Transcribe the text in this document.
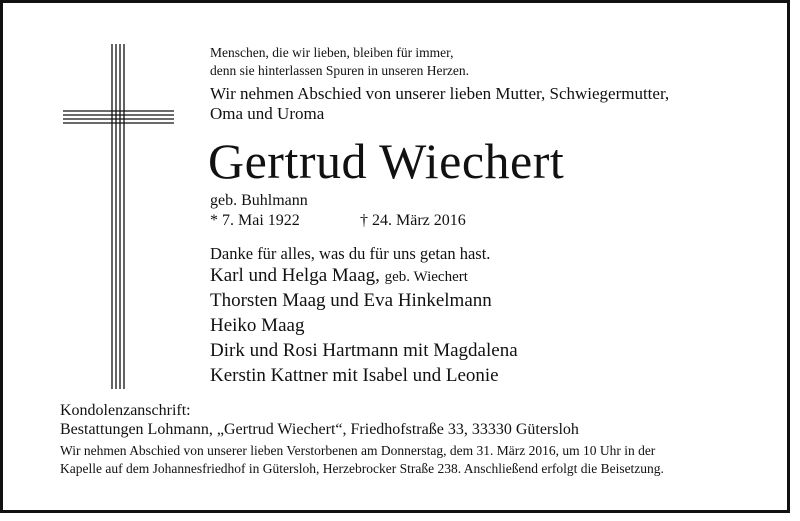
Menschen, die wir lieben, bleiben für immer,
denn sie hinterlassen Spuren in unseren Herzen.
Wir nehmen Abschied von unserer lieben Mutter, Schwiegermutter,
Oma und Uroma
Gertrud Wiechert
geb. Buhlmann
* 7. Mai 1922	† 24. März 2016
Danke für alles, was du für uns getan hast.
Karl und Helga Maag, geb. Wiechert
Thorsten Maag und Eva Hinkelmann
Heiko Maag
Dirk und Rosi Hartmann mit Magdalena
Kerstin Kattner mit Isabel und Leonie
Kondolenzanschrift:
Bestattungen Lohmann, „Gertrud Wiechert“, Friedhofstraße 33, 33330 Gütersloh
Wir nehmen Abschied von unserer lieben Verstorbenen am Donnerstag, dem 31. März 2016, um 10 Uhr in der
Kapelle auf dem Johannesfriedhof in Gütersloh, Herzebrocker Straße 238. Anschließend erfolgt die Beisetzung.
